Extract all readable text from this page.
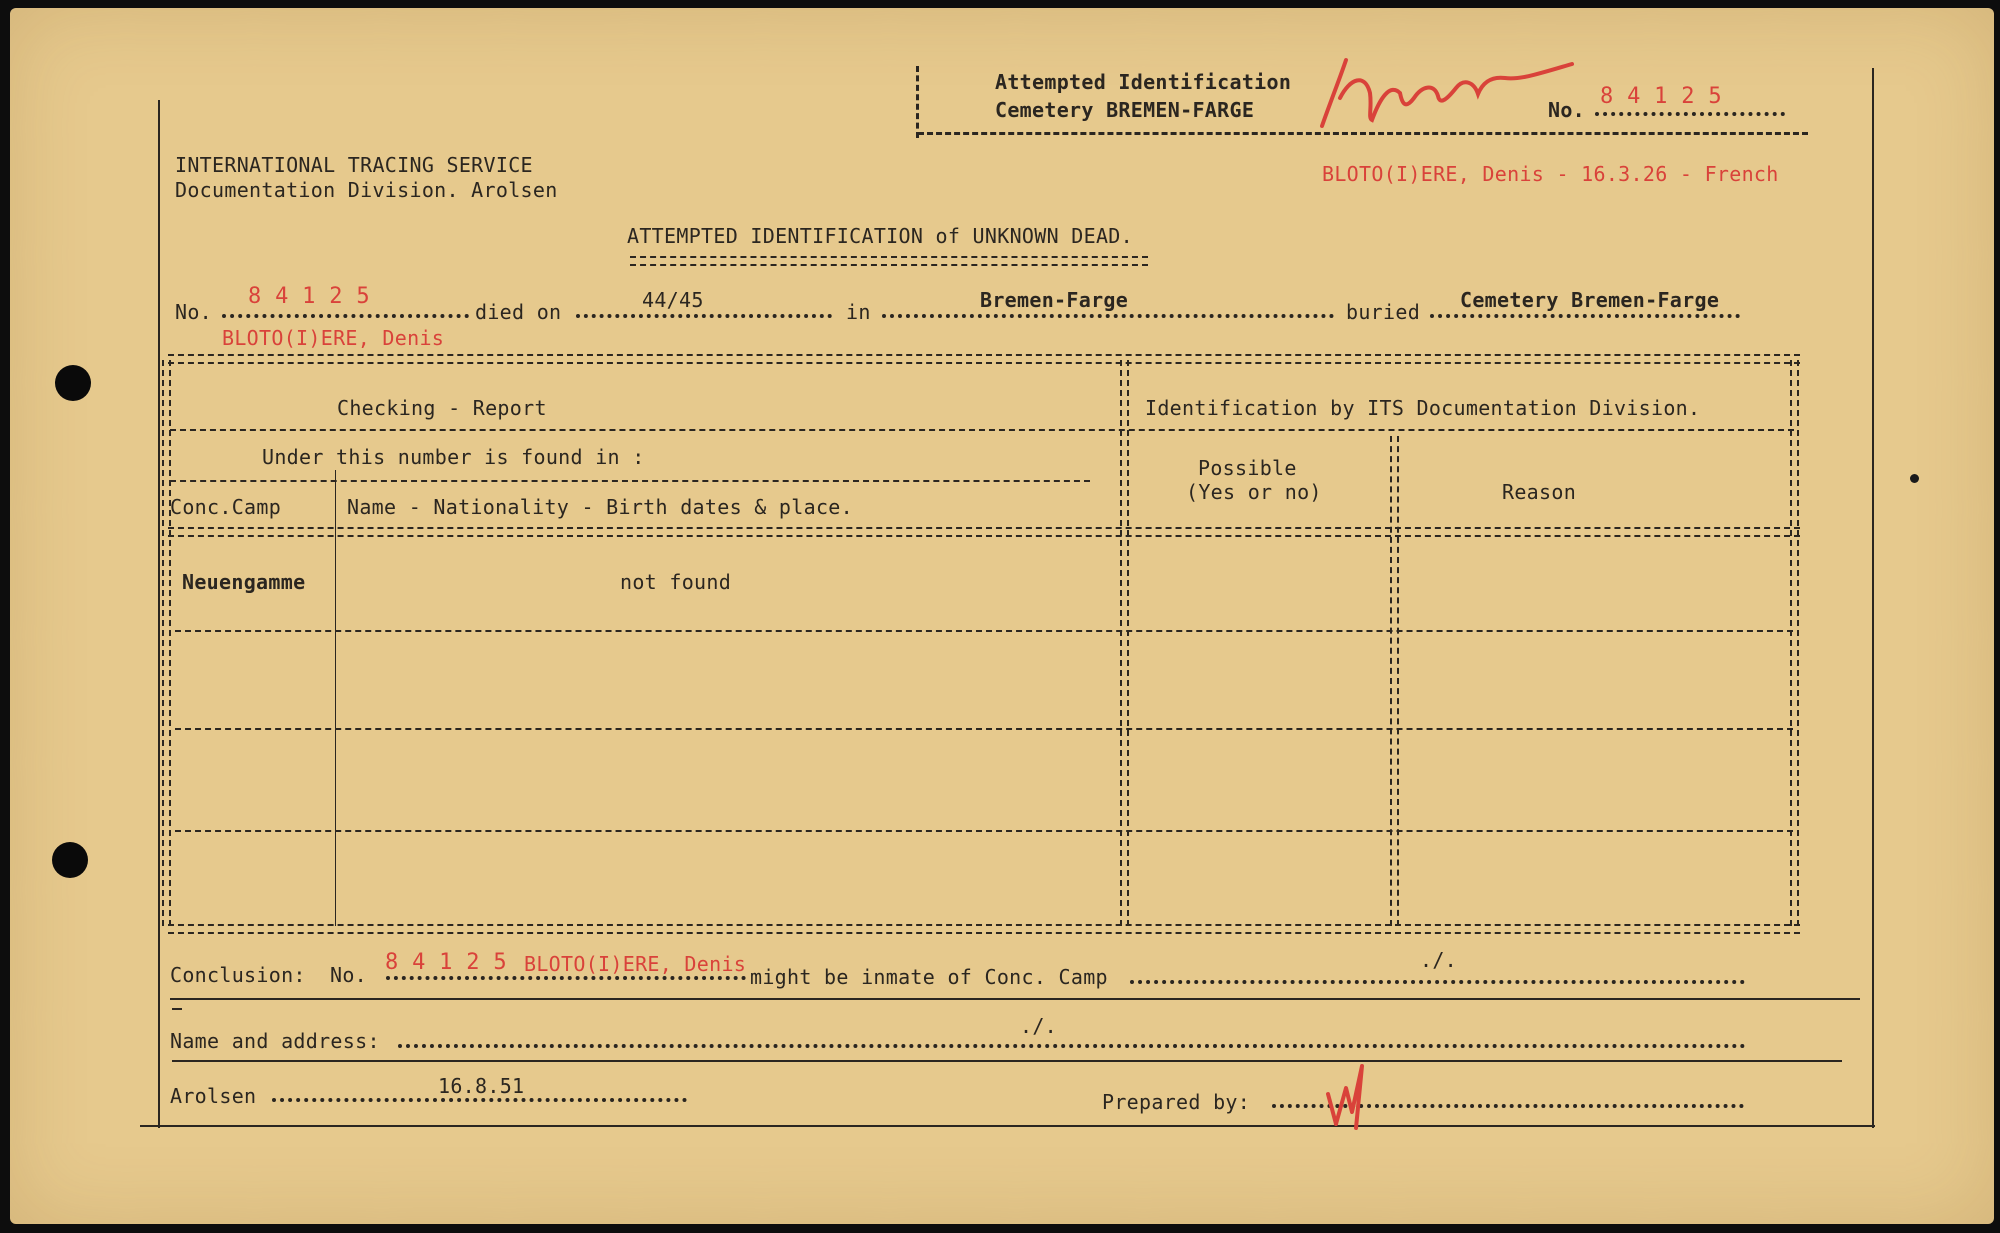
Attempted Identification
Cemetery BREMEN-FARGE	No.
8 4 1 2 5
INTERNATIONAL TRACING SERVICE
Documentation Division. Arolsen
BLOTO(I)ERE, Denis - 16.3.26 - French
ATTEMPTED IDENTIFICATION of UNKNOWN DEAD.
No.
8 4 1 2 5
died on	44/45	in	Bremen-Farge	buried Cemetery Bremen-Farge
BLOTO(I)ERE, Denis
Checking - Report	Identification by ITS Documentation Division.
Under this number is found in :
Conc.Camp	Name - Nationality - Birth dates & place.
Possible
(Yes or no)	Reason
Neuengamme	not found
Conclusion: No. 8 4 1 2 5 BLOTO(I)ERE, Denis
might be inmate of Conc. Camp
./.
Name and address:
./.
Arolsen	16.8.51
Prepared by:
